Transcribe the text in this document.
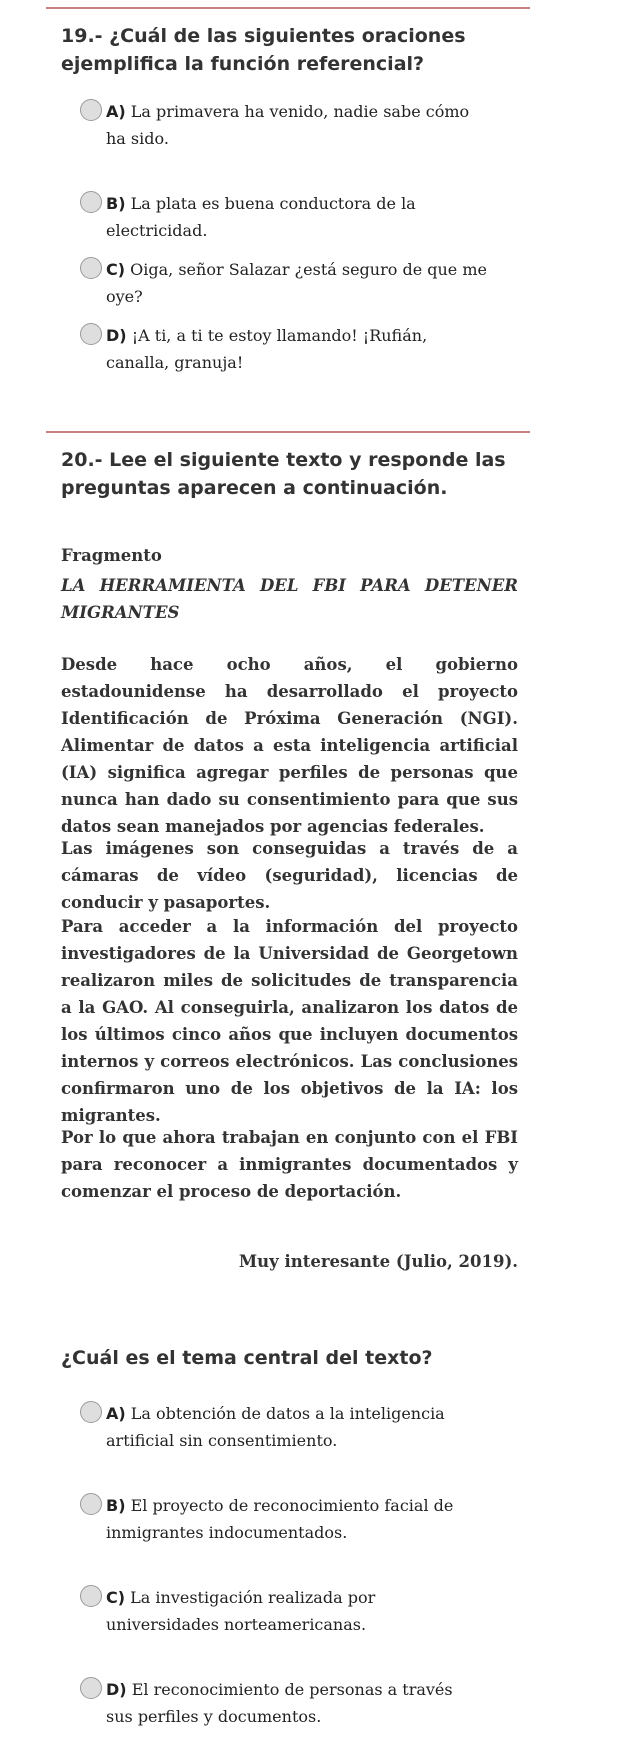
19.- ¿Cuál de las siguientes oraciones ejemplifica la función referencial?
A) La primavera ha venido, nadie sabe cómo ha sido.
B) La plata es buena conductora de la electricidad.
C) Oiga, señor Salazar ¿está seguro de que me oye?
D) ¡A ti, a ti te estoy llamando! ¡Rufián, canalla, granuja!
20.- Lee el siguiente texto y responde las preguntas aparecen a continuación.
Fragmento
LA HERRAMIENTA DEL FBI PARA DETENER MIGRANTES
Desde hace ocho años, el gobierno estadounidense ha desarrollado el proyecto Identificación de Próxima Generación (NGI). Alimentar de datos a esta inteligencia artificial (IA) significa agregar perfiles de personas que nunca han dado su consentimiento para que sus datos sean manejados por agencias federales.
Las imágenes son conseguidas a través de a cámaras de vídeo (seguridad), licencias de conducir y pasaportes.
Para acceder a la información del proyecto investigadores de la Universidad de Georgetown realizaron miles de solicitudes de transparencia a la GAO. Al conseguirla, analizaron los datos de los últimos cinco años que incluyen documentos internos y correos electrónicos. Las conclusiones confirmaron uno de los objetivos de la IA: los migrantes.
Por lo que ahora trabajan en conjunto con el FBI para reconocer a inmigrantes documentados y comenzar el proceso de deportación.
Muy interesante (Julio, 2019).
¿Cuál es el tema central del texto?
A) La obtención de datos a la inteligencia artificial sin consentimiento.
B) El proyecto de reconocimiento facial de inmigrantes indocumentados.
C) La investigación realizada por universidades norteamericanas.
D) El reconocimiento de personas a través sus perfiles y documentos.
